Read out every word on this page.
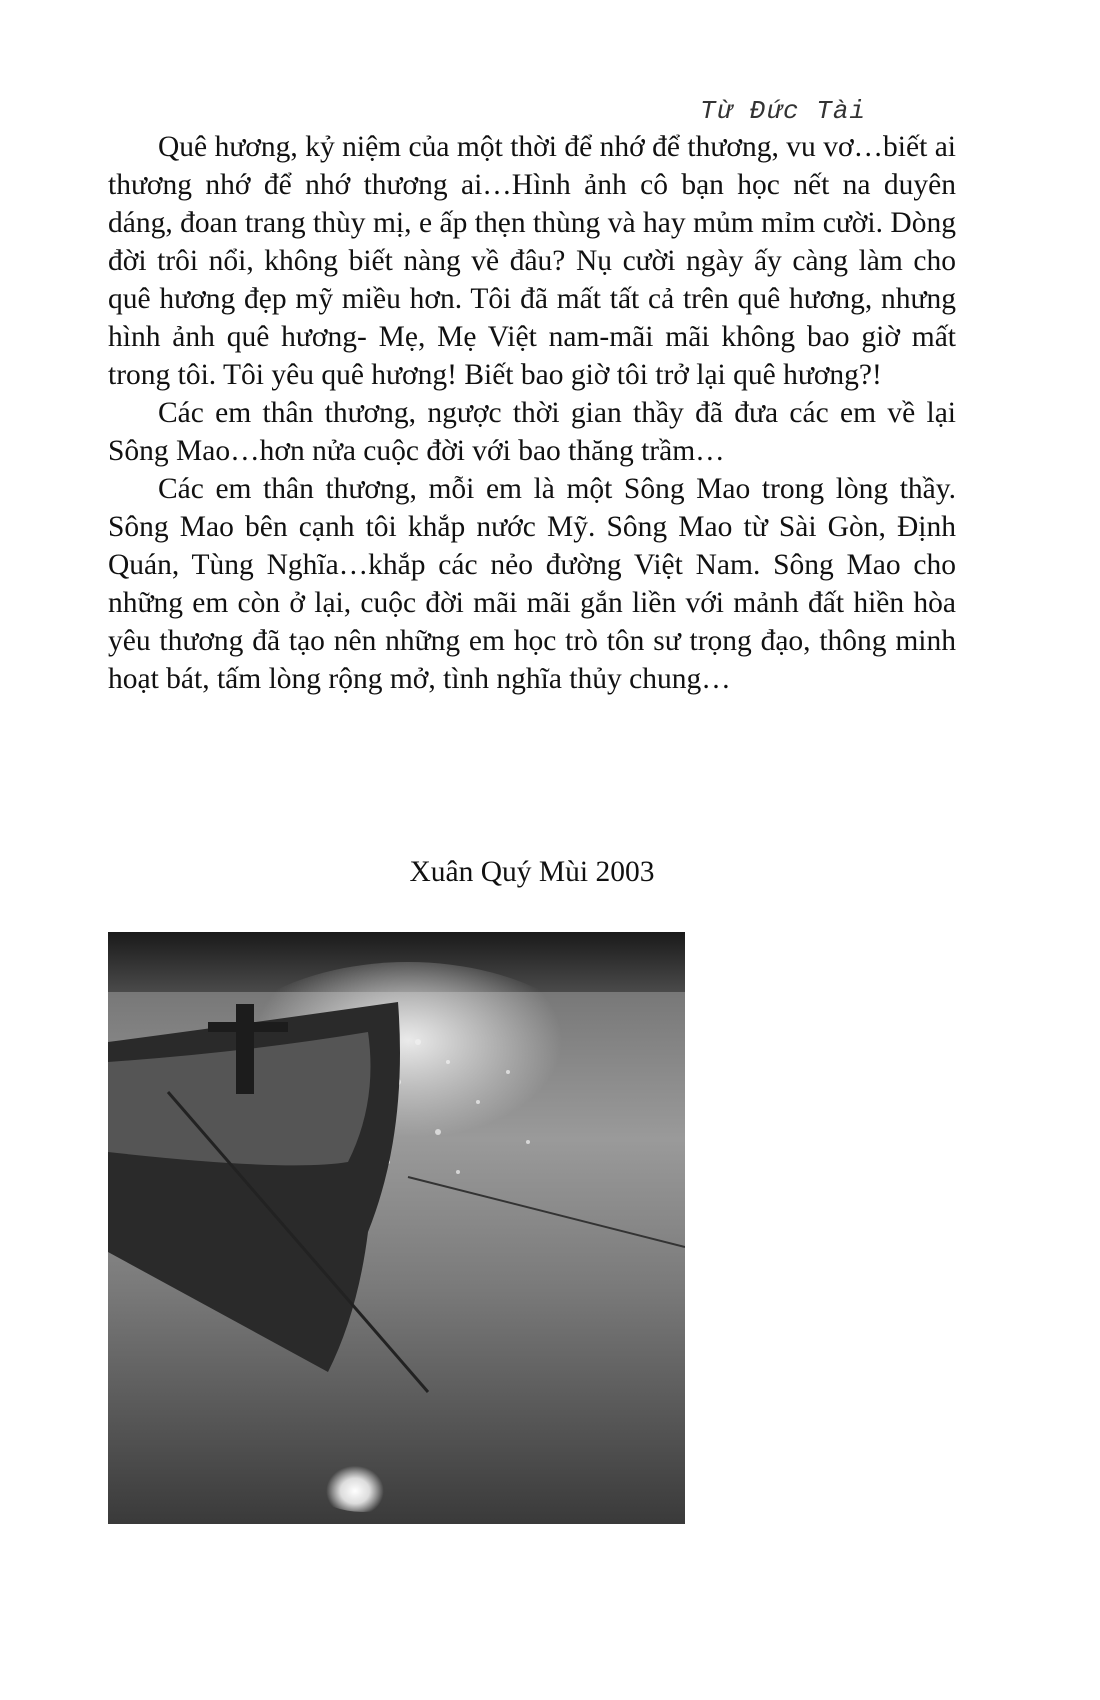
Từ Đức Tài

Quê hương, kỷ niệm của một thời để nhớ để thương, vu vơ…biết ai thương nhớ để nhớ thương ai…Hình ảnh cô bạn học nết na duyên dáng, đoan trang thùy mị, e ấp thẹn thùng và hay mủm mỉm cười. Dòng đời trôi nổi, không biết nàng về đâu? Nụ cười ngày ấy càng làm cho quê hương đẹp mỹ miều hơn. Tôi đã mất tất cả trên quê hương, nhưng hình ảnh quê hương- Mẹ, Mẹ Việt nam-mãi mãi không bao giờ mất trong tôi. Tôi yêu quê hương! Biết bao giờ tôi trở lại quê hương?!

Các em thân thương, ngược thời gian thầy đã đưa các em về lại Sông Mao…hơn nửa cuộc đời với bao thăng trầm…

Các em thân thương, mỗi em là một Sông Mao trong lòng thầy. Sông Mao bên cạnh tôi khắp nước Mỹ. Sông Mao từ Sài Gòn, Định Quán, Tùng Nghĩa…khắp các nẻo đường Việt Nam. Sông Mao cho những em còn ở lại, cuộc đời mãi mãi gắn liền với mảnh đất hiền hòa yêu thương đã tạo nên những em học trò tôn sư trọng đạo, thông minh hoạt bát, tấm lòng rộng mở, tình nghĩa thủy chung…

Xuân Quý Mùi 2003
